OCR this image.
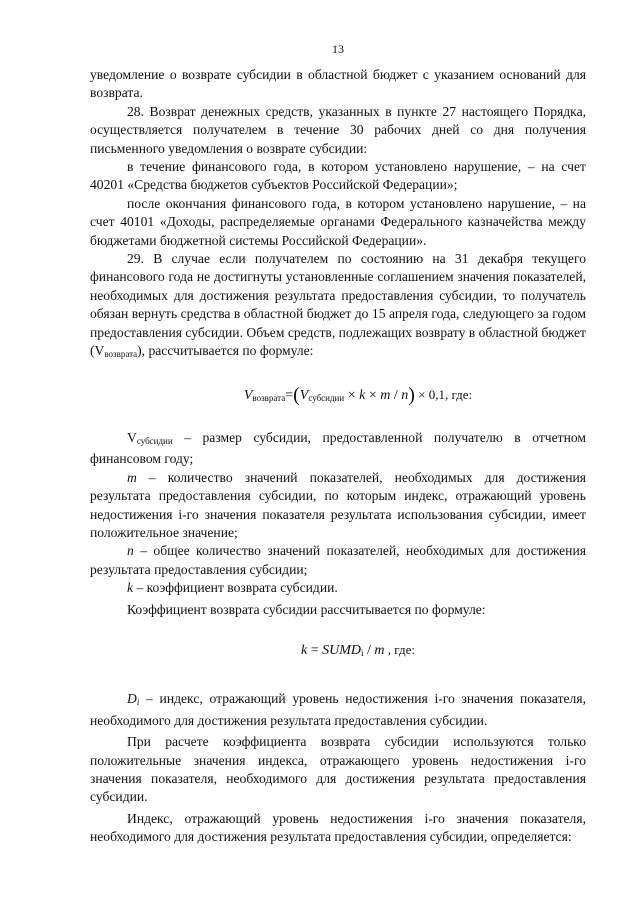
13

уведомление о возврате субсидии в областной бюджет с указанием оснований для возврата.

28. Возврат денежных средств, указанных в пункте 27 настоящего Порядка, осуществляется получателем в течение 30 рабочих дней со дня получения письменного уведомления о возврате субсидии:

в течение финансового года, в котором установлено нарушение, – на счет 40201 «Средства бюджетов субъектов Российской Федерации»;

после окончания финансового года, в котором установлено нарушение, – на счет 40101 «Доходы, распределяемые органами Федерального казначейства между бюджетами бюджетной системы Российской Федерации».

29. В случае если получателем по состоянию на 31 декабря текущего финансового года не достигнуты установленные соглашением значения показателей, необходимых для достижения результата предоставления субсидии, то получатель обязан вернуть средства в областной бюджет до 15 апреля года, следующего за годом предоставления субсидии. Объем средств, подлежащих возврату в областной бюджет $(V_{возврата})$, рассчитывается по формуле:

Vвозврата=(Vсубсидии × k × m / n) × 0,1, где:

$V_{субсидии}$ – размер субсидии, предоставленной получателю в отчетном финансовом году;

m – количество значений показателей, необходимых для достижения результата предоставления субсидии, по которым индекс, отражающий уровень недостижения i-го значения показателя результата использования субсидии, имеет положительное значение;

n – общее количество значений показателей, необходимых для достижения результата предоставления субсидии;

k – коэффициент возврата субсидии.

Коэффициент возврата субсидии рассчитывается по формуле:

k = SUMDi / m , где:

$D_i$ – индекс, отражающий уровень недостижения i-го значения показателя, необходимого для достижения результата предоставления субсидии.

При расчете коэффициента возврата субсидии используются только положительные значения индекса, отражающего уровень недостижения i-го значения показателя, необходимого для достижения результата предоставления субсидии.

Индекс, отражающий уровень недостижения i-го значения показателя, необходимого для достижения результата предоставления субсидии, определяется:
